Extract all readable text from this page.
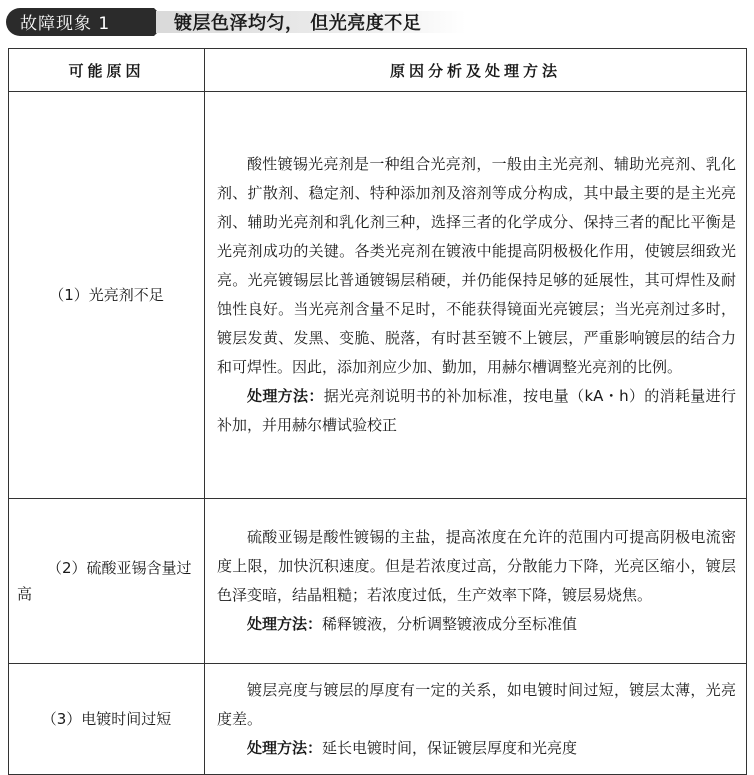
故障现象 1	镀层色泽均匀， 但光亮度不足
可能原因	原因分析及处理方法

（1）光亮剂不足	酸性镀锡光亮剂是一种组合光亮剂，一般由主光亮剂、辅助光亮剂、乳化剂、扩散剂、稳定剂、特种添加剂及溶剂等成分构成，其中最主要的是主光亮剂、辅助光亮剂和乳化剂三种，选择三者的化学成分、保持三者的配比平衡是光亮剂成功的关键。各类光亮剂在镀液中能提高阴极极化作用，使镀层细致光亮。光亮镀锡层比普通镀锡层稍硬，并仍能保持足够的延展性，其可焊性及耐蚀性良好。当光亮剂含量不足时，不能获得镜面光亮镀层；当光亮剂过多时，镀层发黄、发黑、变脆、脱落，有时甚至镀不上镀层，严重影响镀层的结合力和可焊性。因此，添加剂应少加、勤加，用赫尔槽调整光亮剂的比例。

处理方法：据光亮剂说明书的补加标准，按电量（kA・h）的消耗量进行补加，并用赫尔槽试验校正

（2）硫酸亚锡含量过高	硫酸亚锡是酸性镀锡的主盐，提高浓度在允许的范围内可提高阴极电流密度上限，加快沉积速度。但是若浓度过高，分散能力下降，光亮区缩小，镀层色泽变暗，结晶粗糙；若浓度过低，生产效率下降，镀层易烧焦。

处理方法：稀释镀液，分析调整镀液成分至标准值

（3）电镀时间过短	镀层亮度与镀层的厚度有一定的关系，如电镀时间过短，镀层太薄，光亮度差。

处理方法：延长电镀时间，保证镀层厚度和光亮度
